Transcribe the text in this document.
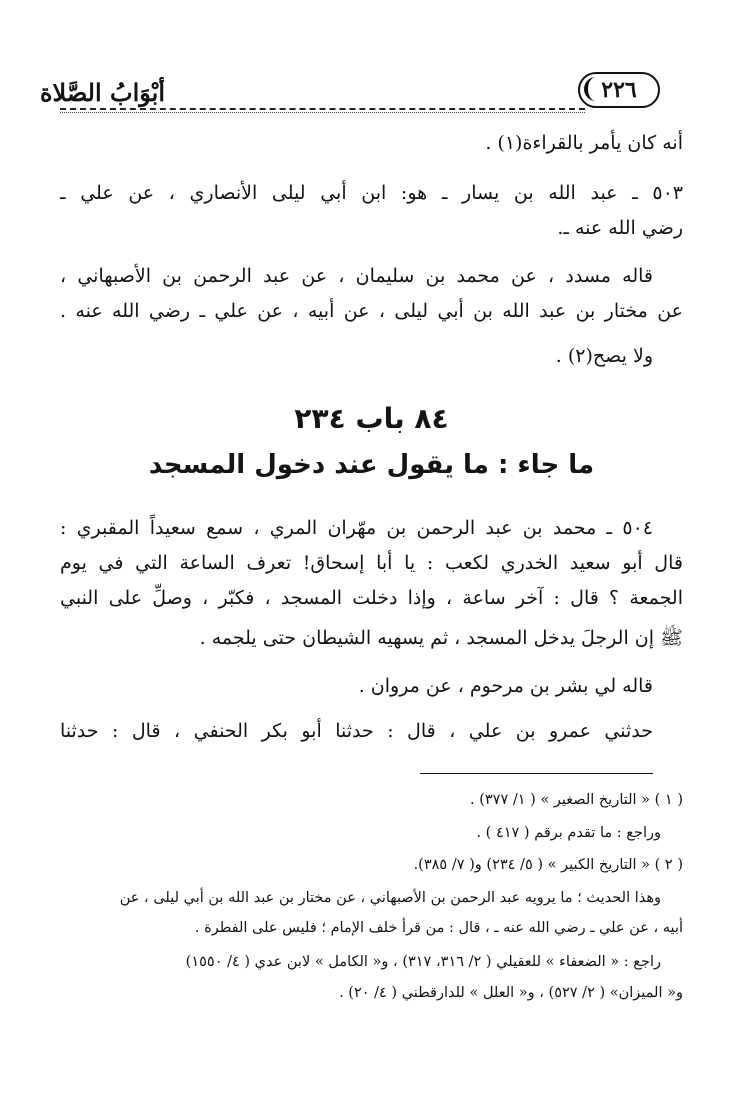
٢٢٦
أبْوَابُ الصَّلاة
أنه كان يأمر بالقراءة(١) .
٥٠٣ ـ عبد الله بن يسار ـ هو: ابن أبي ليلى الأنصاري ، عن علي ـ
رضي الله عنه ـ.
قاله مسدد ، عن محمد بن سليمان ، عن عبد الرحمن بن الأصبهاني ،
عن مختار بن عبد الله بن أبي ليلى ، عن أبيه ، عن علي ـ رضي الله عنه .
ولا يصح(٢) .
٨٤ باب ٢٣٤
ما جاء : ما يقول عند دخول المسجد
٥٠٤ ـ محمد بن عبد الرحمن بن مهّران المري ، سمع سعيداً المقبري :
قال أبو سعيد الخدري لكعب : يا أبا إسحاق! تعرف الساعة التي في يوم
الجمعة ؟ قال : آخر ساعة ، وإذا دخلت المسجد ، فكبّر ، وصلِّ على النبي
ﷺ إن الرجلَ يدخل المسجد ، ثم يسهيه الشيطان حتى يلجمه .
قاله لي بشر بن مرحوم ، عن مروان .
حدثني عمرو بن علي ، قال : حدثنا أبو بكر الحنفي ، قال : حدثنا
( ١ ) « التاريخ الصغير » ( ١/ ٣٧٧) .
وراجع : ما تقدم برقم ( ٤١٧ ) .
( ٢ ) « التاريخ الكبير » ( ٥/ ٢٣٤) و( ٧/ ٣٨٥).
وهذا الحديث ؛ ما يرويه عبد الرحمن بن الأصبهاني ، عن مختار بن عبد الله بن أبي ليلى ، عن
أبيه ، عن علي ـ رضي الله عنه ـ ، قال : من قرأ خلف الإمام ؛ فليس على الفطرة .
راجع : « الضعفاء » للعقيلي ( ٢/ ٣١٦، ٣١٧) ، و« الكامل » لابن عدي ( ٤/ ١٥٥٠)
و« الميزان» ( ٢/ ٥٢٧) ، و« العلل » للدارقطني ( ٤/ ٢٠) .
